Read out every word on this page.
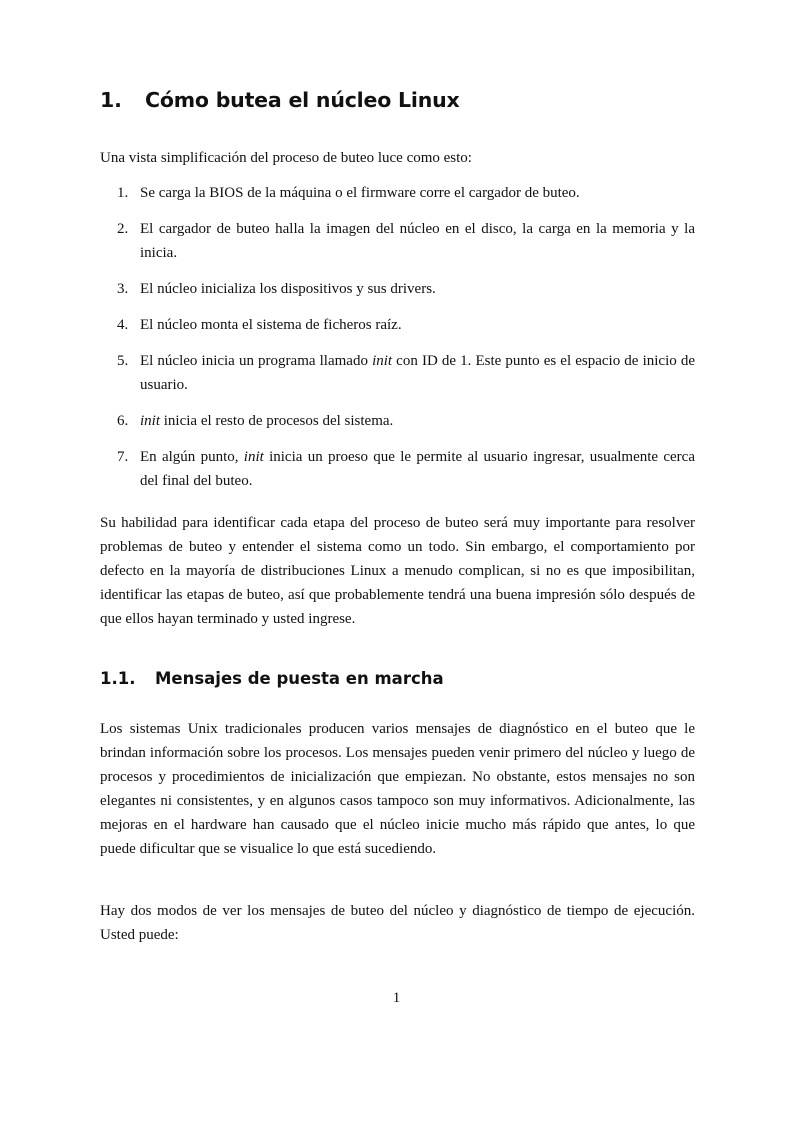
1. Cómo butea el núcleo Linux

Una vista simplificación del proceso de buteo luce como esto:

1. Se carga la BIOS de la máquina o el firmware corre el cargador de buteo.
2. El cargador de buteo halla la imagen del núcleo en el disco, la carga en la memoria y la inicia.
3. El núcleo inicializa los dispositivos y sus drivers.
4. El núcleo monta el sistema de ficheros raíz.
5. El núcleo inicia un programa llamado init con ID de 1. Este punto es el espacio de inicio de usuario.
6. init inicia el resto de procesos del sistema.
7. En algún punto, init inicia un proeso que le permite al usuario ingresar, usualmente cerca del final del buteo.

Su habilidad para identificar cada etapa del proceso de buteo será muy importante para resolver problemas de buteo y entender el sistema como un todo. Sin embargo, el comportamiento por defecto en la mayoría de distribuciones Linux a menudo complican, si no es que imposibilitan, identificar las etapas de buteo, así que probablemente tendrá una buena impresión sólo después de que ellos hayan terminado y usted ingrese.

1.1. Mensajes de puesta en marcha

Los sistemas Unix tradicionales producen varios mensajes de diagnóstico en el buteo que le brindan información sobre los procesos. Los mensajes pueden venir primero del núcleo y luego de procesos y procedimientos de inicialización que empiezan. No obstante, estos mensajes no son elegantes ni consistentes, y en algunos casos tampoco son muy informativos. Adicionalmente, las mejoras en el hardware han causado que el núcleo inicie mucho más rápido que antes, lo que puede dificultar que se visualice lo que está sucediendo.

Hay dos modos de ver los mensajes de buteo del núcleo y diagnóstico de tiempo de ejecución. Usted puede:

1
